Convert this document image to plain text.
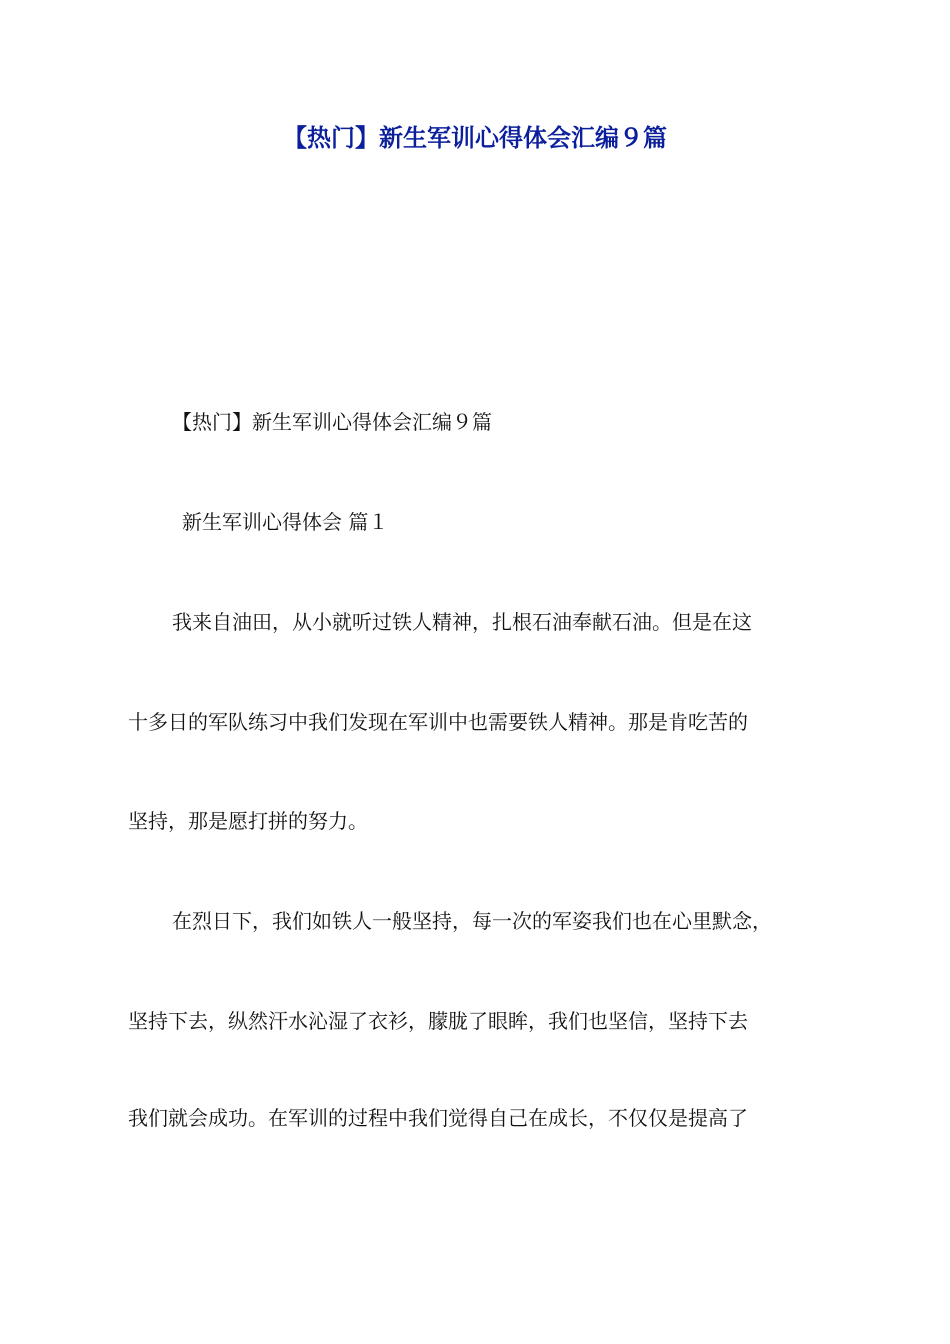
【热门】新生军训心得体会汇编９篇

【热门】新生军训心得体会汇编９篇

新生军训心得体会 篇１

我来自油田，从小就听过铁人精神，扎根石油奉献石油。但是在这

十多日的军队练习中我们发现在军训中也需要铁人精神。那是肯吃苦的

坚持，那是愿打拼的努力。

在烈日下，我们如铁人一般坚持，每一次的军姿我们也在心里默念，

坚持下去，纵然汗水沁湿了衣衫，朦胧了眼眸，我们也坚信，坚持下去

我们就会成功。在军训的过程中我们觉得自己在成长，不仅仅是提高了
